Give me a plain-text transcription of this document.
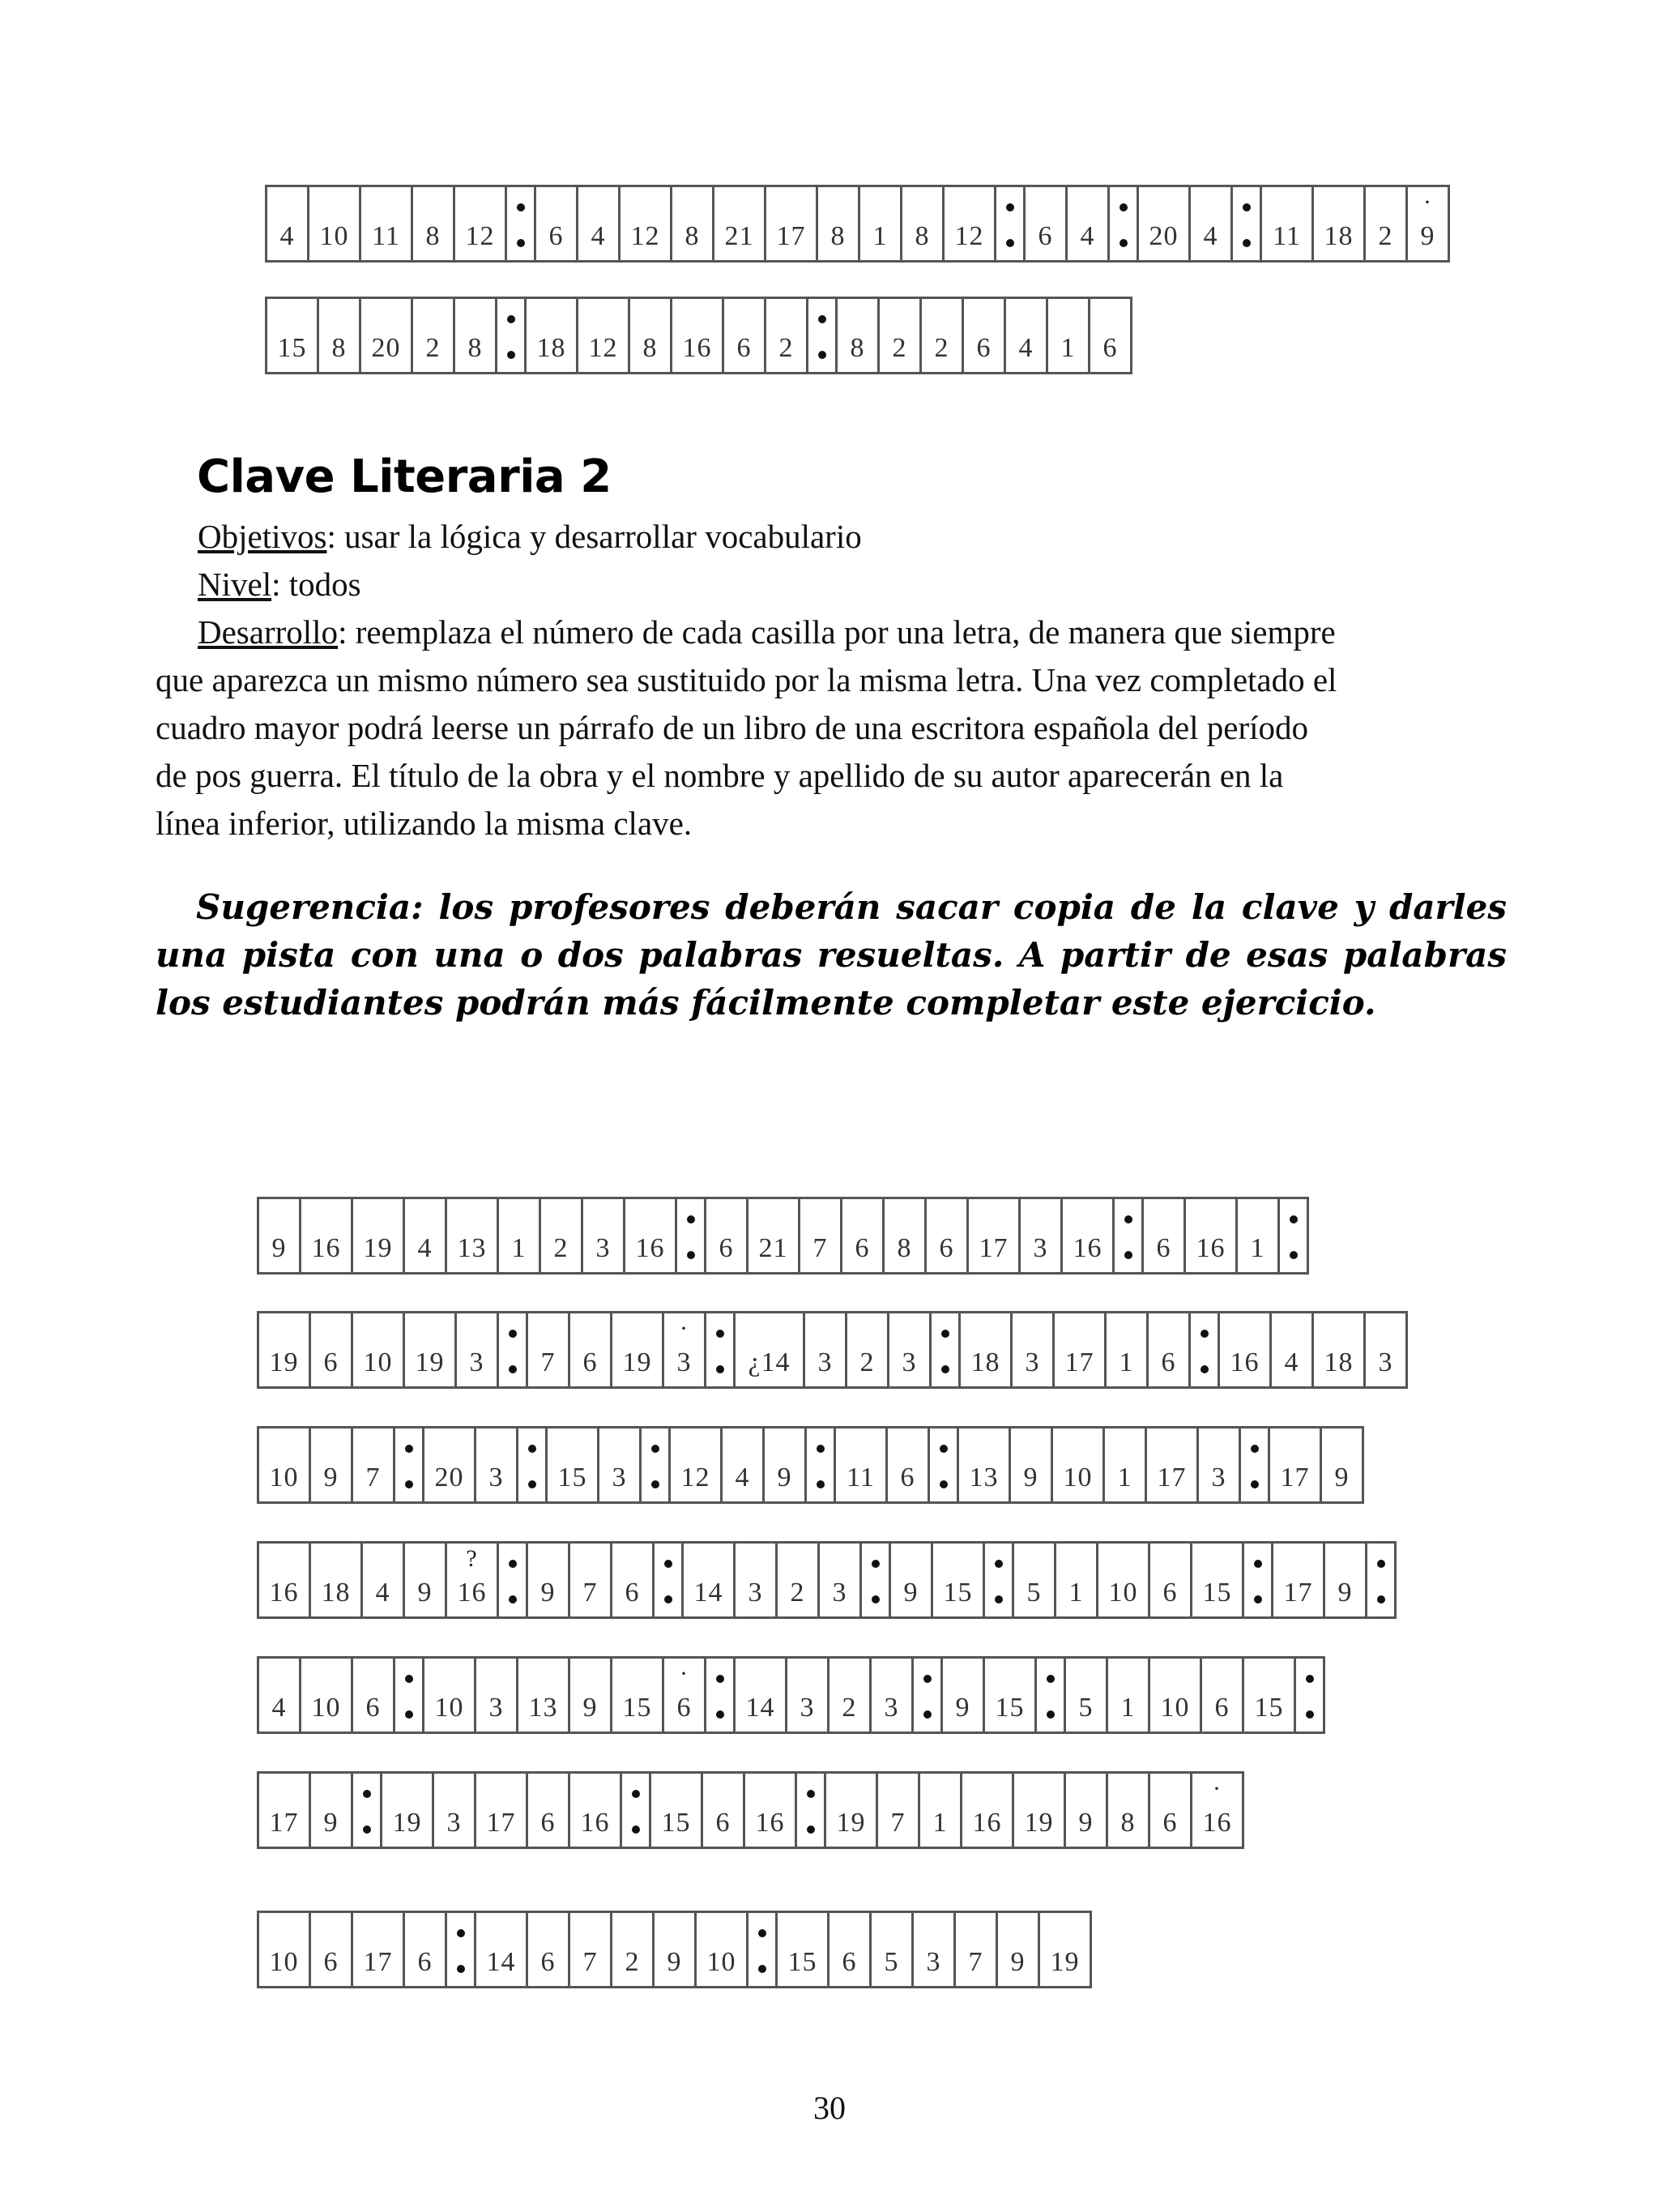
4 10 11 8 12 6 4 12 8 21 17 8 1 8 12 6 4 20 4 11 18 2
·
9
15 8 20 2 8 18 12 8 16 6 2 8 2 2 6 4 1 6
Clave Literaria 2
Objetivos: usar la lógica y desarrollar vocabulario
Nivel: todos
Desarrollo: reemplaza el número de cada casilla por una letra, de manera que siempre
que aparezca un mismo número sea sustituido por la misma letra. Una vez completado el
cuadro mayor podrá leerse un párrafo de un libro de una escritora española del período
de pos guerra. El título de la obra y el nombre y apellido de su autor aparecerán en la
línea inferior, utilizando la misma clave.
Sugerencia: los profesores deberán sacar copia de la clave y darles una pista con una o dos palabras resueltas. A partir de esas palabras los estudiantes podrán más fácilmente completar este ejercicio.
9 16 19 4 13 1 2 3 16 6 21 7 6 8 6 17 3 16 6 16 1
19 6 10 19 3 7 6 19
·
3 ¿14 3 2 3 18 3 17 1 6 16 4 18 3
10 9 7 20 3 15 3 12 4 9 11 6 13 9 10 1 17 3 17 9
16 18 4 9
?
16 9 7 6 14 3 2 3 9 15 5 1 10 6 15 17 9
4 10 6 10 3 13 9 15
·
6 14 3 2 3 9 15 5 1 10 6 15
17 9 19 3 17 6 16 15 6 16 19 7 1 16 19 9 8 6
·
16
10 6 17 6 14 6 7 2 9 10 15 6 5 3 7 9 19
30
